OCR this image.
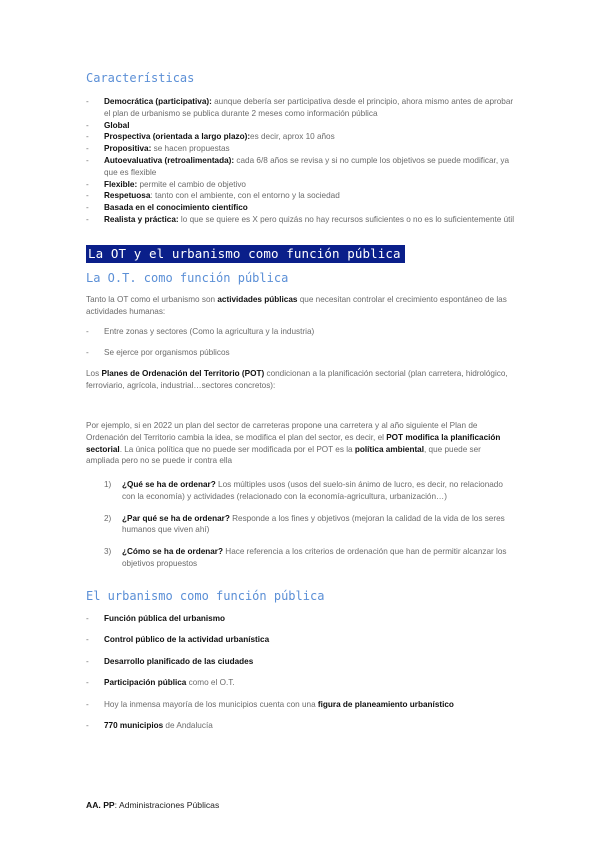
Características
- Democrática (participativa): aunque debería ser participativa desde el principio, ahora mismo antes de aprobar el plan de urbanismo se publica durante 2 meses como información pública
- Global
- Prospectiva (orientada a largo plazo):es decir, aprox 10 años
- Propositiva: se hacen propuestas
- Autoevaluativa (retroalimentada): cada 6/8 años se revisa y si no cumple los objetivos se puede modificar, ya que es flexible
- Flexible: permite el cambio de objetivo
- Respetuosa: tanto con el ambiente, con el entorno y la sociedad
- Basada en el conocimiento científico
- Realista y práctica: lo que se quiere es X pero quizás no hay recursos suficientes o no es lo suficientemente útil
La OT y el urbanismo como función pública
La O.T. como función pública

Tanto la OT como el urbanismo son actividades públicas que necesitan controlar el crecimiento espontáneo de las actividades humanas:

- Entre zonas y sectores (Como la agricultura y la industria)
- Se ejerce por organismos públicos

Los Planes de Ordenación del Territorio (POT) condicionan a la planificación sectorial (plan carretera, hidrológico, ferroviario, agrícola, industrial…sectores concretos):

Por ejemplo, si en 2022 un plan del sector de carreteras propone una carretera y al año siguiente el Plan de Ordenación del Territorio cambia la idea, se modifica el plan del sector, es decir, el POT modifica la planificación sectorial. La única política que no puede ser modificada por el POT es la política ambiental, que puede ser ampliada pero no se puede ir contra ella

1) ¿Qué se ha de ordenar? Los múltiples usos (usos del suelo-sin ánimo de lucro, es decir, no relacionado con la economía) y actividades (relacionado con la economía-agricultura, urbanización…)
2) ¿Par qué se ha de ordenar? Responde a los fines y objetivos (mejoran la calidad de la vida de los seres humanos que viven ahí)
3) ¿Cómo se ha de ordenar? Hace referencia a los criterios de ordenación que han de permitir alcanzar los objetivos propuestos
El urbanismo como función pública
- Función pública del urbanismo
- Control público de la actividad urbanística
- Desarrollo planificado de las ciudades
- Participación pública como el O.T.
- Hoy la inmensa mayoría de los municipios cuenta con una figura de planeamiento urbanístico
- 770 municipios de Andalucía
AA. PP: Administraciones Públicas
